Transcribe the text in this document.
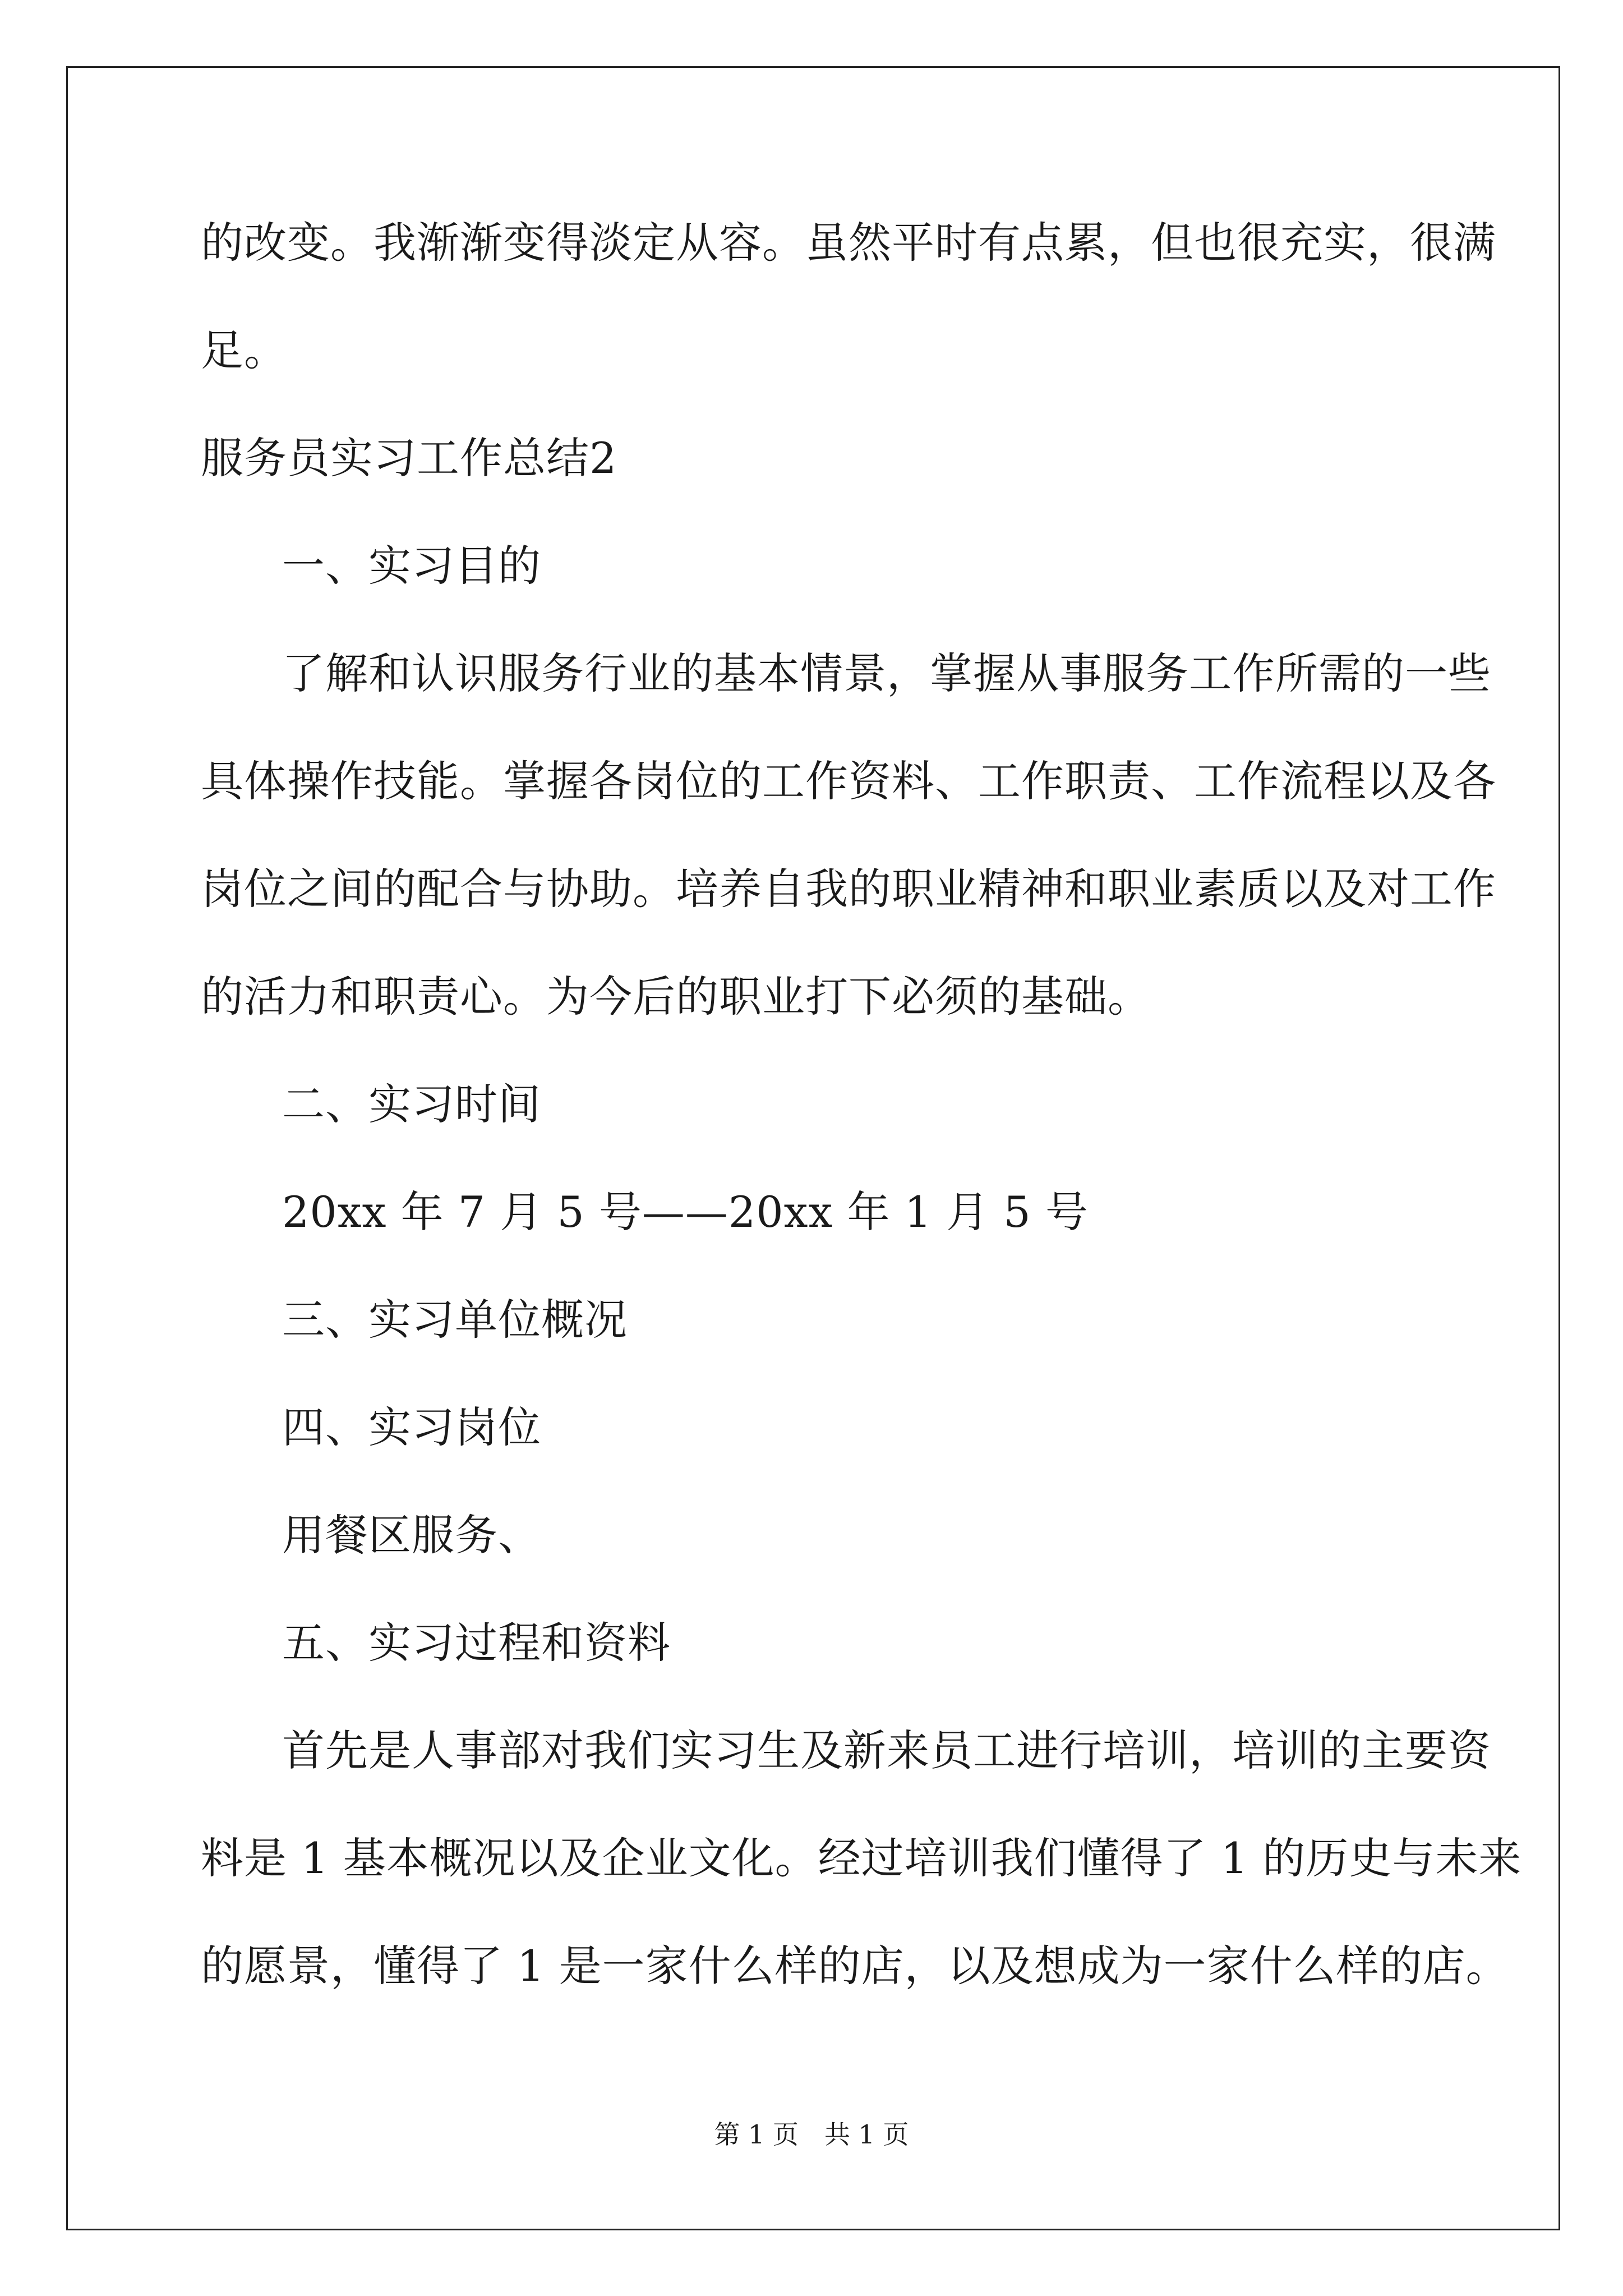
的改变。我渐渐变得淡定从容。虽然平时有点累，但也很充实，很满
足。
服务员实习工作总结2
一、实习目的
了解和认识服务行业的基本情景，掌握从事服务工作所需的一些
具体操作技能。掌握各岗位的工作资料、工作职责、工作流程以及各
岗位之间的配合与协助。培养自我的职业精神和职业素质以及对工作
的活力和职责心。为今后的职业打下必须的基础。
二、实习时间
20xx 年 7 月 5 号——20xx 年 1 月 5 号
三、实习单位概况
四、实习岗位
用餐区服务、
五、实习过程和资料
首先是人事部对我们实习生及新来员工进行培训，培训的主要资
料是 1 基本概况以及企业文化。经过培训我们懂得了 1 的历史与未来
的愿景，懂得了 1 是一家什么样的店，以及想成为一家什么样的店。
第 1 页　共 1 页
